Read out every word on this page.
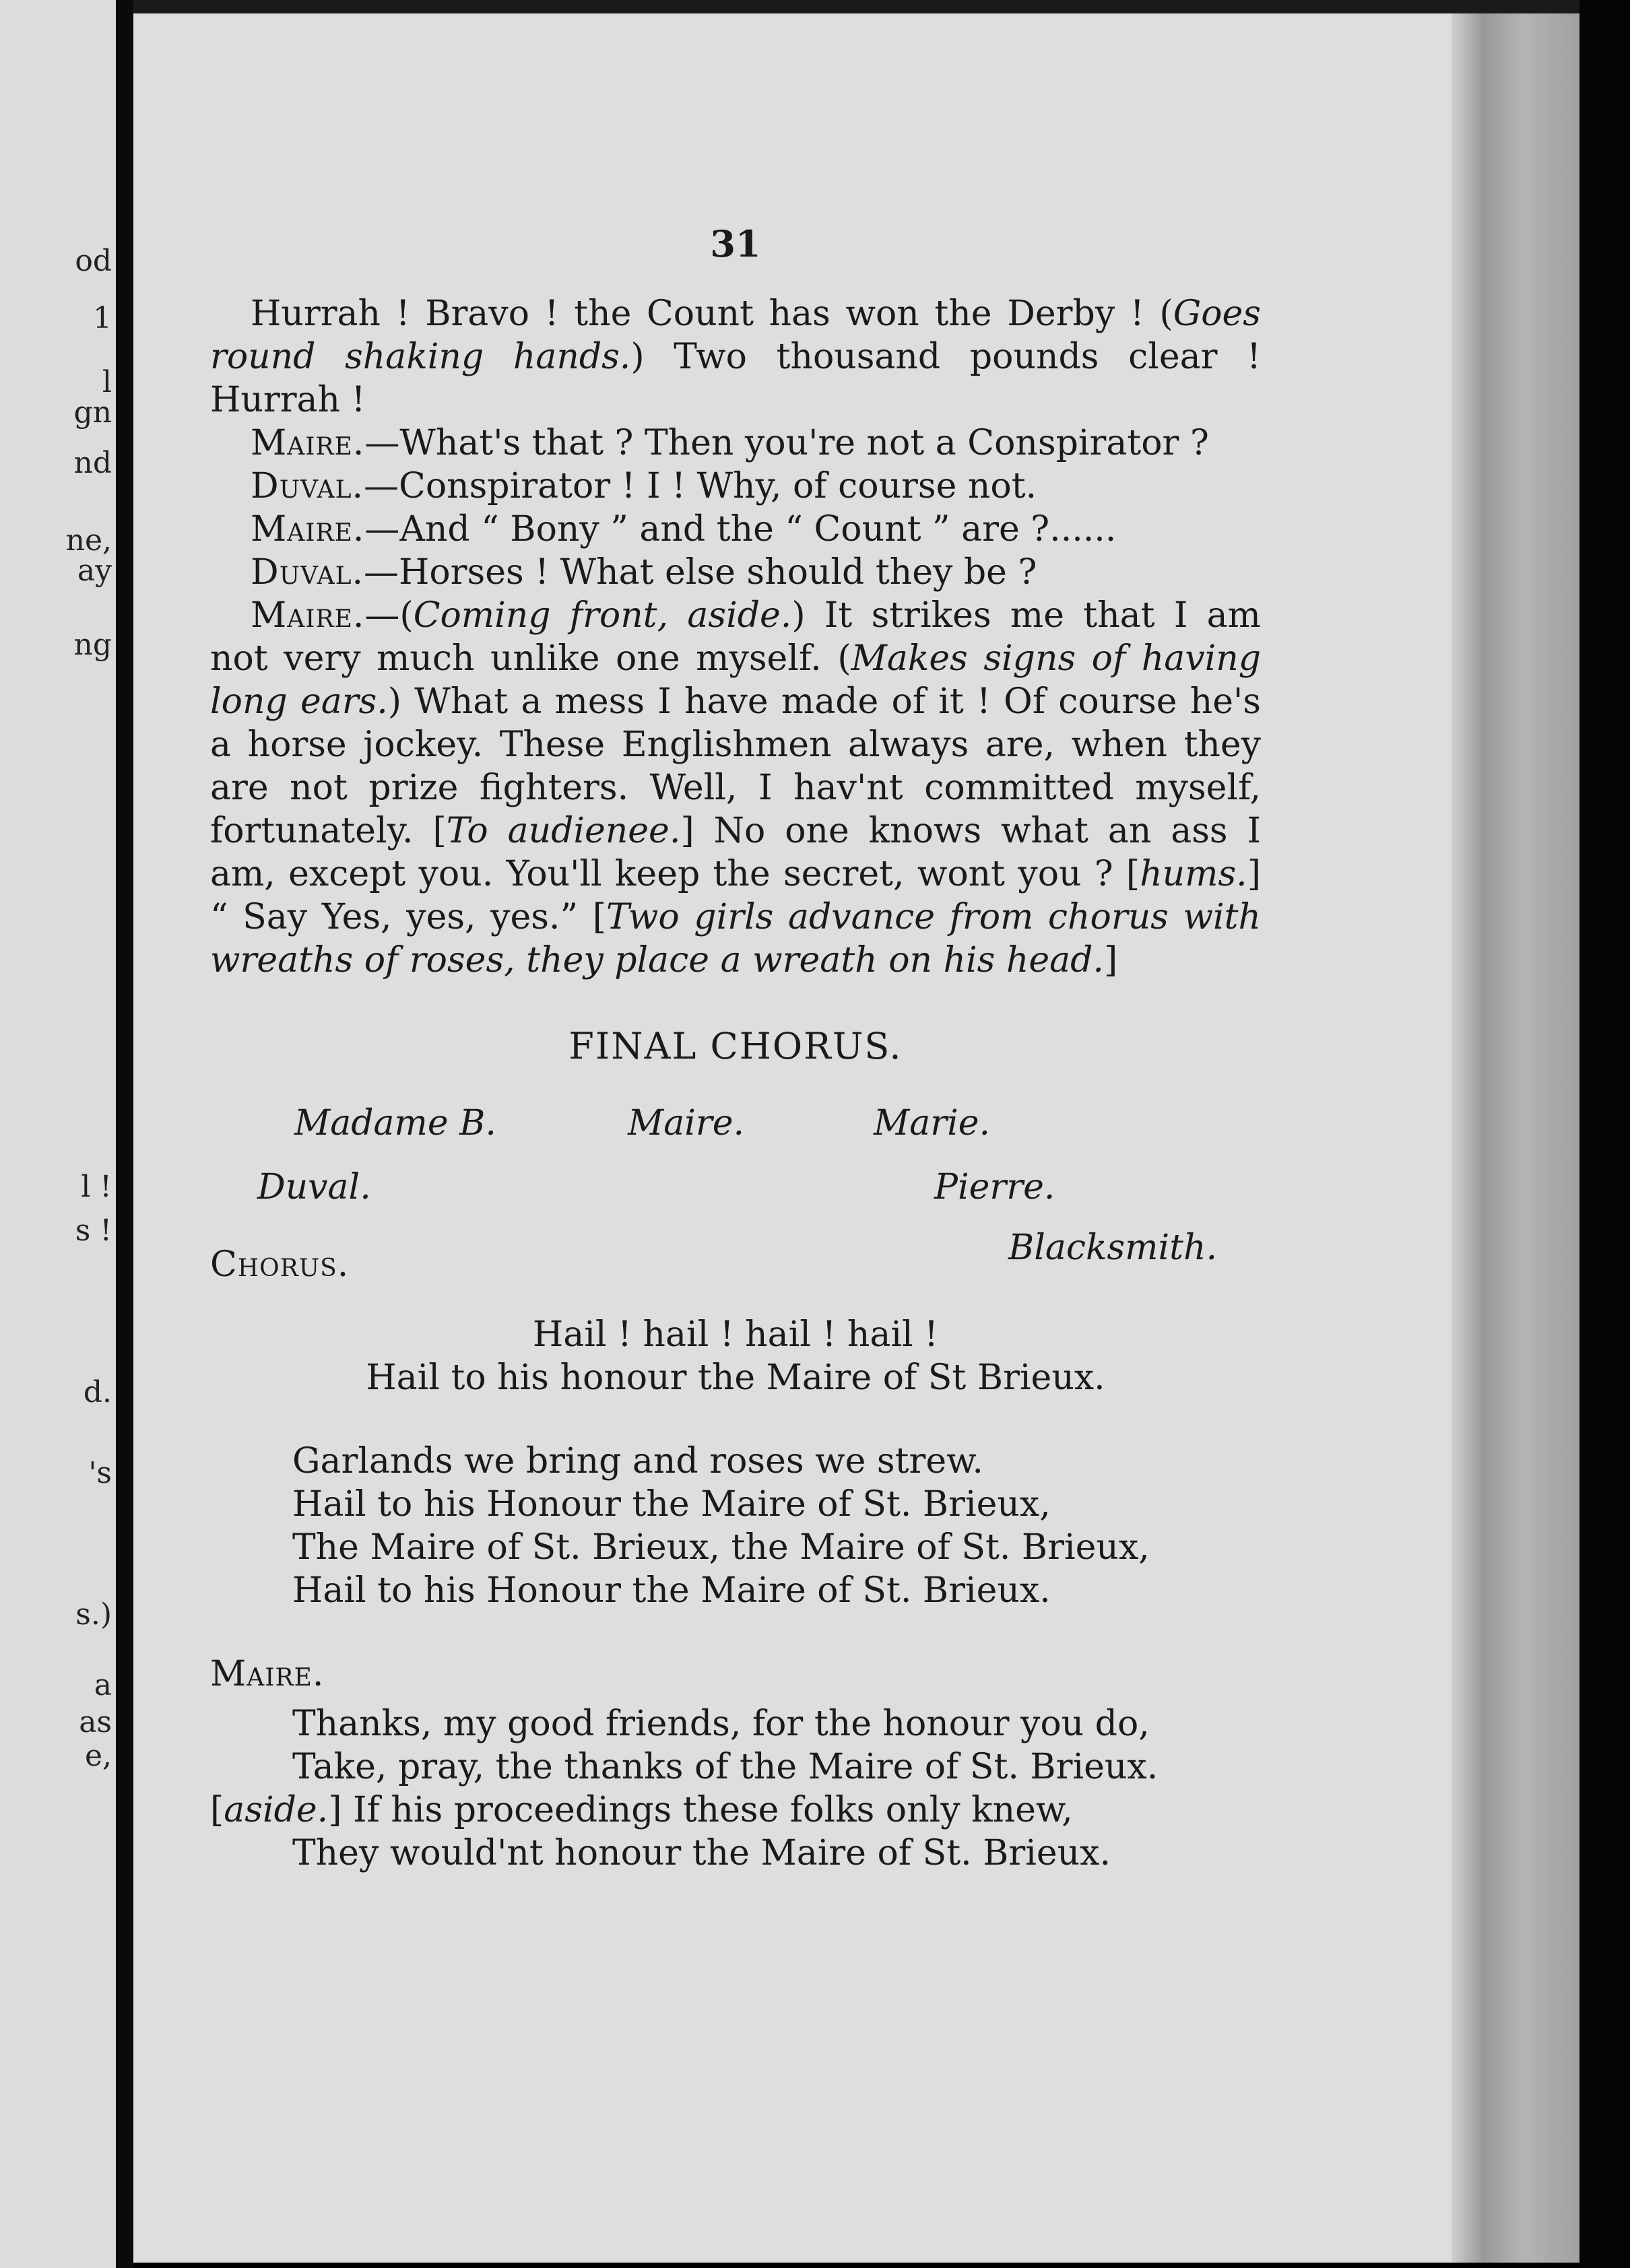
od
1
l
gn
nd
ne,
ay
ng
l !
s !
d.
's
s.)
a
as
e,
31

Hurrah ! Bravo ! the Count has won the Derby ! (Goes round shaking hands.) Two thousand pounds clear ! Hurrah !

Maire.—What's that ? Then you're not a Conspirator ?

Duval.—Conspirator ! I ! Why, of course not.

Maire.—And “ Bony ” and the “ Count ” are ?......

Duval.—Horses ! What else should they be ?

Maire.—(Coming front, aside.) It strikes me that I am not very much unlike one myself. (Makes signs of having long ears.) What a mess I have made of it ! Of course he's a horse jockey. These Englishmen always are, when they are not prize fighters. Well, I hav'nt committed myself, fortunately. [To audienee.] No one knows what an ass I am, except you. You'll keep the secret, wont you ? [hums.] “ Say Yes, yes, yes.” [Two girls advance from chorus with wreaths of roses, they place a wreath on his head.]

FINAL CHORUS.
Madame B.	Maire.	Marie.
Duval.	Pierre.
Blacksmith.
Chorus.
Hail ! hail ! hail ! hail !
Hail to his honour the Maire of St Brieux.
Garlands we bring and roses we strew.
Hail to his Honour the Maire of St. Brieux,
The Maire of St. Brieux, the Maire of St. Brieux,
Hail to his Honour the Maire of St. Brieux.
Maire.
Thanks, my good friends, for the honour you do,
Take, pray, the thanks of the Maire of St. Brieux.
[aside.] If his proceedings these folks only knew,
They would'nt honour the Maire of St. Brieux.
